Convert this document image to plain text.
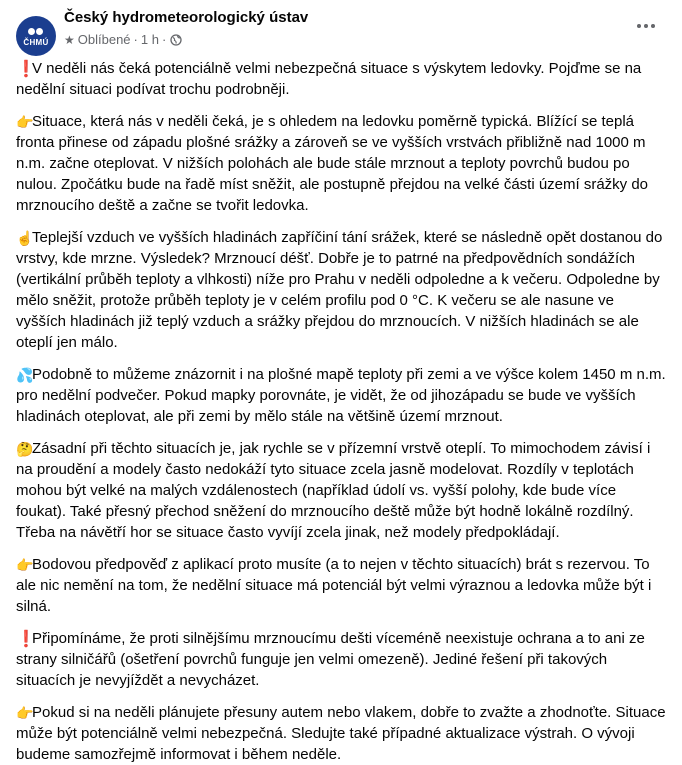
ČHMÚ
Český hydrometeorologický ústav
★ Oblíbené · 1 h ·

❗V neděli nás čeká potenciálně velmi nebezpečná situace s výskytem ledovky. Pojďme se na nedělní situaci podívat trochu podrobněji.

👉Situace, která nás v neděli čeká, je s ohledem na ledovku poměrně typická. Blížící se teplá fronta přinese od západu plošné srážky a zároveň se ve vyšších vrstvách přibližně nad 1000 m n.m. začne oteplovat. V nižších polohách ale bude stále mrznout a teploty povrchů budou po nulou. Zpočátku bude na řadě míst sněžit, ale postupně přejdou na velké části území srážky do mrznoucího deště a začne se tvořit ledovka.

☝️Teplejší vzduch ve vyšších hladinách zapříčiní tání srážek, které se následně opět dostanou do vrstvy, kde mrzne. Výsledek? Mrznoucí déšť. Dobře je to patrné na předpovědních sondážích (vertikální průběh teploty a vlhkosti) níže pro Prahu v neděli odpoledne a k večeru. Odpoledne by mělo sněžit, protože průběh teploty je v celém profilu pod 0 °C. K večeru se ale nasune ve vyšších hladinách již teplý vzduch a srážky přejdou do mrznoucích. V nižších hladinách se ale oteplí jen málo.

💦Podobně to můžeme znázornit i na plošné mapě teploty při zemi a ve výšce kolem 1450 m n.m. pro nedělní podvečer. Pokud mapky porovnáte, je vidět, že od jihozápadu se bude ve vyšších hladinách oteplovat, ale při zemi by mělo stále na většině území mrznout.

🤔Zásadní při těchto situacích je, jak rychle se v přízemní vrstvě oteplí. To mimochodem závisí i na proudění a modely často nedokáží tyto situace zcela jasně modelovat. Rozdíly v teplotách mohou být velké na malých vzdálenostech (například údolí vs. vyšší polohy, kde bude více foukat). Také přesný přechod sněžení do mrznoucího deště může být hodně lokálně rozdílný. Třeba na návětří hor se situace často vyvíjí zcela jinak, než modely předpokládají.

👉Bodovou předpověď z aplikací proto musíte (a to nejen v těchto situacích) brát s rezervou. To ale nic nemění na tom, že nedělní situace má potenciál být velmi výraznou a ledovka může být i silná.

❗Připomínáme, že proti silnějšímu mrznoucímu dešti víceméně neexistuje ochrana a to ani ze strany silničářů (ošetření povrchů funguje jen velmi omezeně). Jediné řešení při takových situacích je nevyjíždět a nevycházet.

👉Pokud si na neděli plánujete přesuny autem nebo vlakem, dobře to zvažte a zhodnoťte. Situace může být potenciálně velmi nebezpečná. Sledujte také případné aktualizace výstrah. O vývoji budeme samozřejmě informovat i během neděle.
